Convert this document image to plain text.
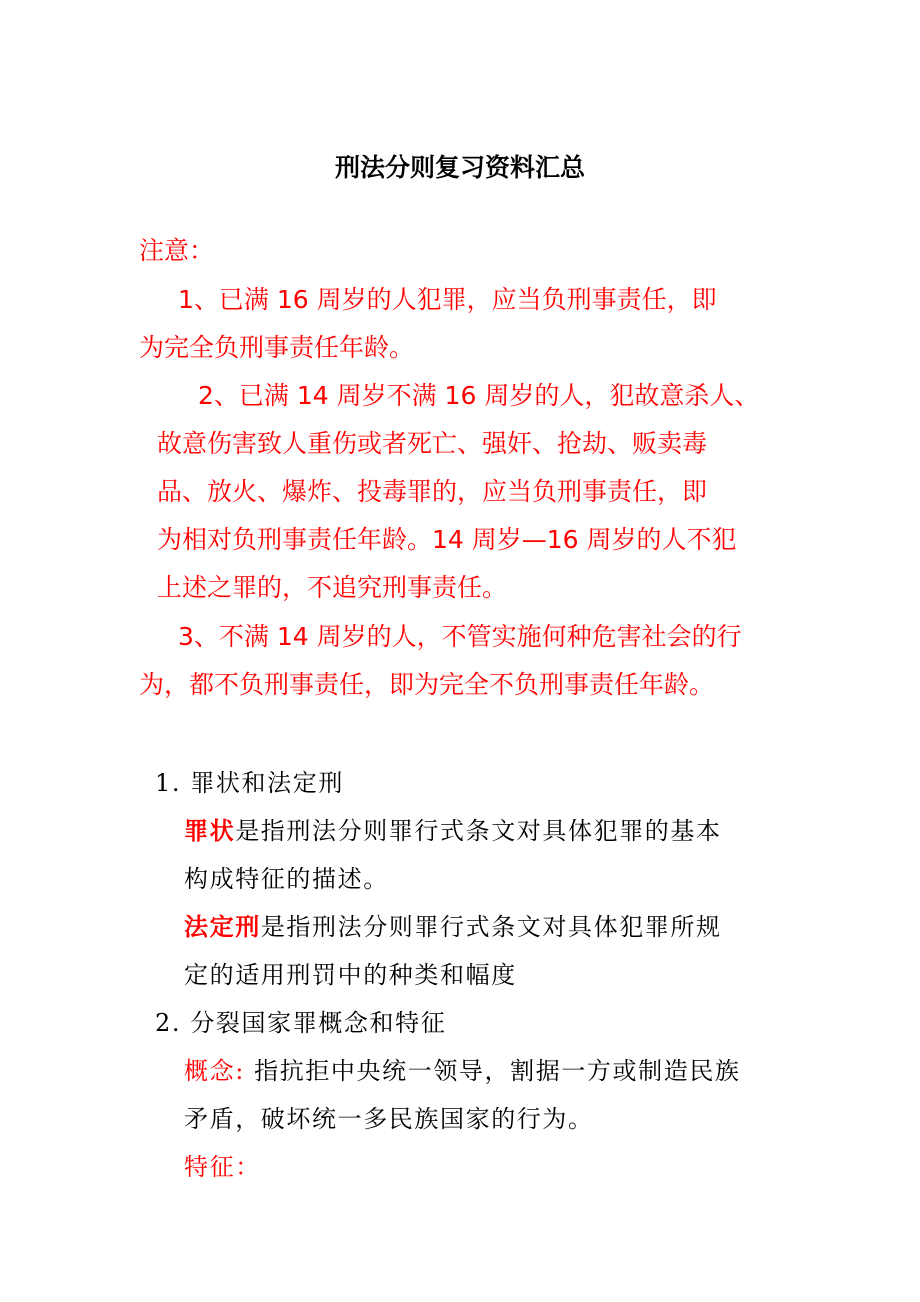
刑法分则复习资料汇总
注意：
1、已满 16 周岁的人犯罪，应当负刑事责任，即
为完全负刑事责任年龄。
2、已满 14 周岁不满 16 周岁的人，犯故意杀人、
故意伤害致人重伤或者死亡、强奸、抢劫、贩卖毒
品、放火、爆炸、投毒罪的，应当负刑事责任，即
为相对负刑事责任年龄。14 周岁—16 周岁的人不犯
上述之罪的，不追究刑事责任。
3、不满 14 周岁的人，不管实施何种危害社会的行
为，都不负刑事责任，即为完全不负刑事责任年龄。
1. 罪状和法定刑
罪状是指刑法分则罪行式条文对具体犯罪的基本
构成特征的描述。
法定刑是指刑法分则罪行式条文对具体犯罪所规
定的适用刑罚中的种类和幅度
2. 分裂国家罪概念和特征
概念: 指抗拒中央统一领导，割据一方或制造民族
矛盾，破坏统一多民族国家的行为。
特征：
